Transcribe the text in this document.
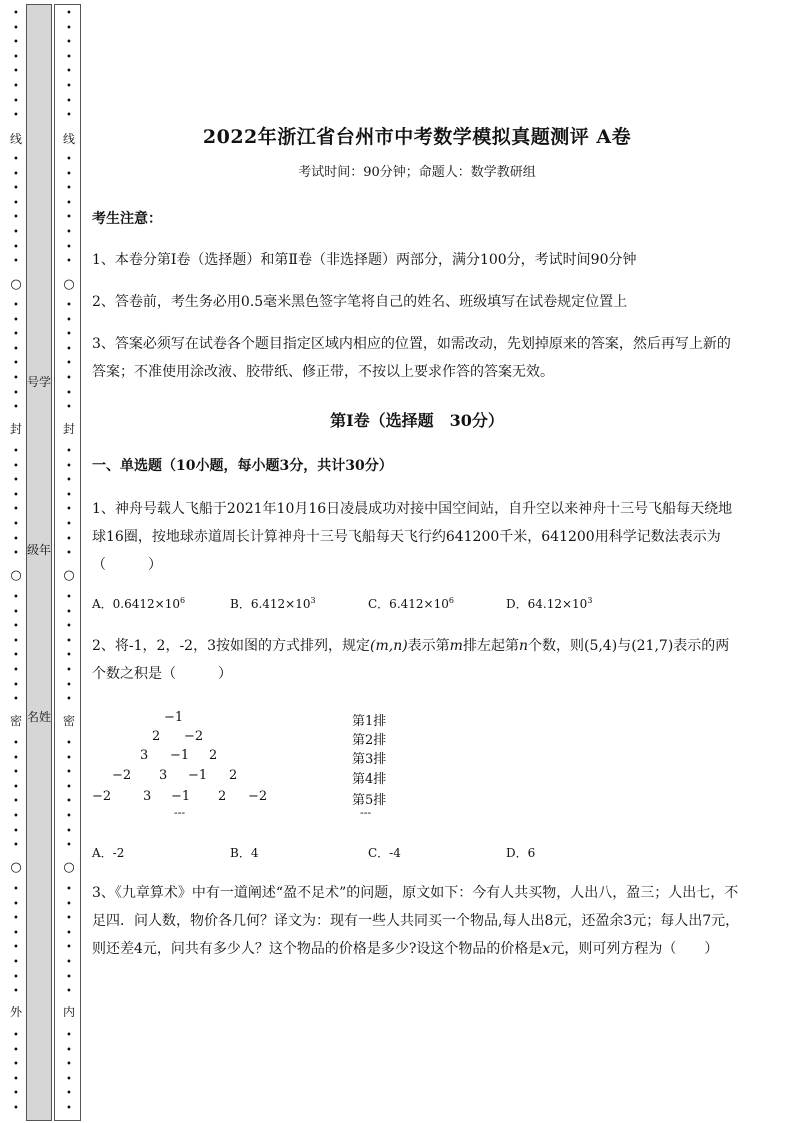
•
•
•
•
•
•
•
•
•
•
•
•
•
•
•
•
•
•
•
•
•
•
•
•
•
•
•
•
•
•
•
•
•
•
•
•
•
•
•
•
•
•
•
•
•
•
•
•
•
•
•
•
•
•
•
•
•
•
•
•
•
•
线
○
封
○
密
○
外
•
•
•
•
•
•
•
•
•
•
•
•
•
•
•
•
•
•
•
•
•
•
•
•
•
•
•
•
•
•
•
•
•
•
•
•
•
•
•
•
•
•
•
•
•
•
•
•
•
•
•
•
•
•
•
•
•
•
•
•
•
•
线
○
封
○
密
○
内
号学
级年
名姓
2022年浙江省台州市中考数学模拟真题测评 A卷
考试时间：90分钟；命题人：数学教研组
考生注意：

1、本卷分第I卷（选择题）和第Ⅱ卷（非选择题）两部分，满分100分，考试时间90分钟

2、答卷前，考生务必用0.5毫米黑色签字笔将自己的姓名、班级填写在试卷规定位置上

3、答案必须写在试卷各个题目指定区域内相应的位置，如需改动，先划掉原来的答案，然后再写上新的答案；不准使用涂改液、胶带纸、修正带，不按以上要求作答的答案无效。

第I卷（选择题　30分）
一、单选题（10小题，每小题3分，共计30分）

1、神舟号载人飞船于2021年10月16日凌晨成功对接中国空间站，自升空以来神舟十三号飞船每天绕地球16圈，按地球赤道周长计算神舟十三号飞船每天飞行约641200千米，641200用科学记数法表示为（　　　）

A．$0.6412\times 10^6$	B．$6.412\times 10^3$	C．$6.412\times 10^6$	D．$64.12\times 10^3$

2、将-1，2，-2，3按如图的方式排列，规定(m,n)表示第m排左起第n个数，则(5,4)与(21,7)表示的两个数之积是（　　　）

−1
2 −2
3 −1 2
−2 3 −1 2
−2 3 −1 2 −2
---
第1排
第2排
第3排
第4排
第5排
---
A．-2	B．4	C．-4	D．6

3、《九章算术》中有一道阐述“盈不足术”的问题，原文如下：今有人共买物，人出八，盈三；人出七，不足四．问人数，物价各几何？译文为：现有一些人共同买一个物品,每人出8元，还盈余3元；每人出7元，则还差4元，问共有多少人？这个物品的价格是多少?设这个物品的价格是x元，则可列方程为（　　）
